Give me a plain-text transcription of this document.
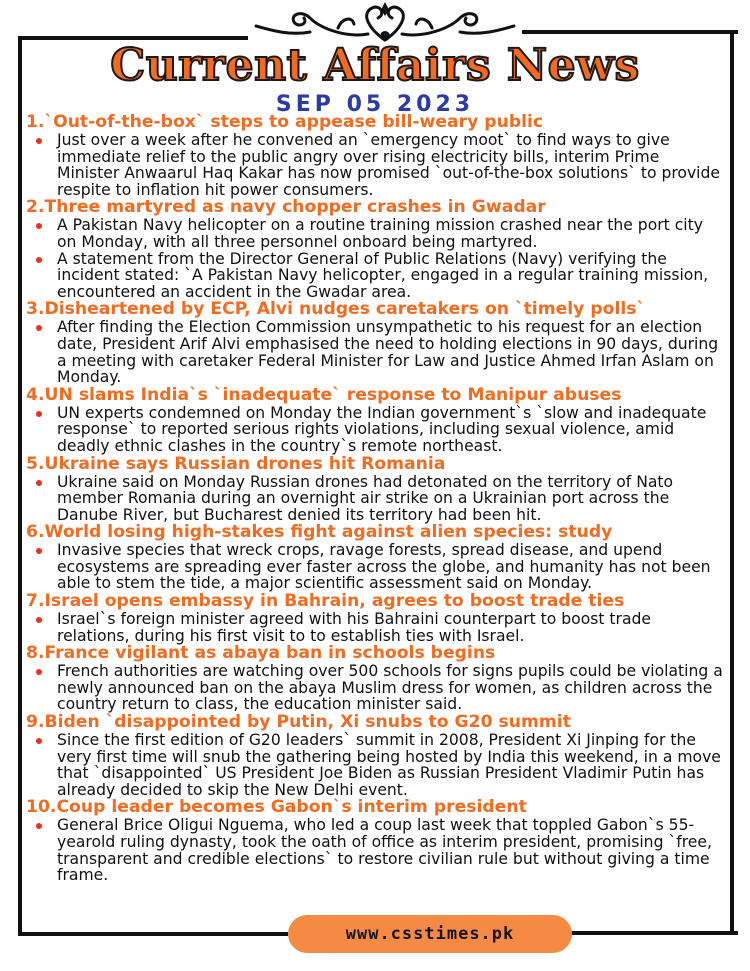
Current Affairs News
SEP 05 2023
1.`Out-of-the-box` steps to appease bill-weary public
Just over a week after he convened an `emergency moot` to find ways to give immediate relief to the public angry over rising electricity bills, interim Prime Minister Anwaarul Haq Kakar has now promised `out-of-the-box solutions` to provide respite to inflation hit power consumers.
2.Three martyred as navy chopper crashes in Gwadar
A Pakistan Navy helicopter on a routine training mission crashed near the port city on Monday, with all three personnel onboard being martyred.
A statement from the Director General of Public Relations (Navy) verifying the incident stated: `A Pakistan Navy helicopter, engaged in a regular training mission, encountered an accident in the Gwadar area.
3.Disheartened by ECP, Alvi nudges caretakers on `timely polls`
After finding the Election Commission unsympathetic to his request for an election date, President Arif Alvi emphasised the need to holding elections in 90 days, during a meeting with caretaker Federal Minister for Law and Justice Ahmed Irfan Aslam on Monday.
4.UN slams India`s `inadequate` response to Manipur abuses
UN experts condemned on Monday the Indian government`s `slow and inadequate response` to reported serious rights violations, including sexual violence, amid deadly ethnic clashes in the country`s remote northeast.
5.Ukraine says Russian drones hit Romania
Ukraine said on Monday Russian drones had detonated on the territory of Nato member Romania during an overnight air strike on a Ukrainian port across the Danube River, but Bucharest denied its territory had been hit.
6.World losing high-stakes fight against alien species: study
Invasive species that wreck crops, ravage forests, spread disease, and upend ecosystems are spreading ever faster across the globe, and humanity has not been able to stem the tide, a major scientific assessment said on Monday.
7.Israel opens embassy in Bahrain, agrees to boost trade ties
Israel`s foreign minister agreed with his Bahraini counterpart to boost trade relations, during his first visit to to establish ties with Israel.
8.France vigilant as abaya ban in schools begins
French authorities are watching over 500 schools for signs pupils could be violating a newly announced ban on the abaya Muslim dress for women, as children across the country return to class, the education minister said.
9.Biden `disappointed by Putin, Xi snubs to G20 summit
Since the first edition of G20 leaders` summit in 2008, President Xi Jinping for the very first time will snub the gathering being hosted by India this weekend, in a move that `disappointed` US President Joe Biden as Russian President Vladimir Putin has already decided to skip the New Delhi event.
10.Coup leader becomes Gabon`s interim president
General Brice Oligui Nguema, who led a coup last week that toppled Gabon`s 55-yearold ruling dynasty, took the oath of office as interim president, promising `free, transparent and credible elections` to restore civilian rule but without giving a time frame.
www.csstimes.pk
